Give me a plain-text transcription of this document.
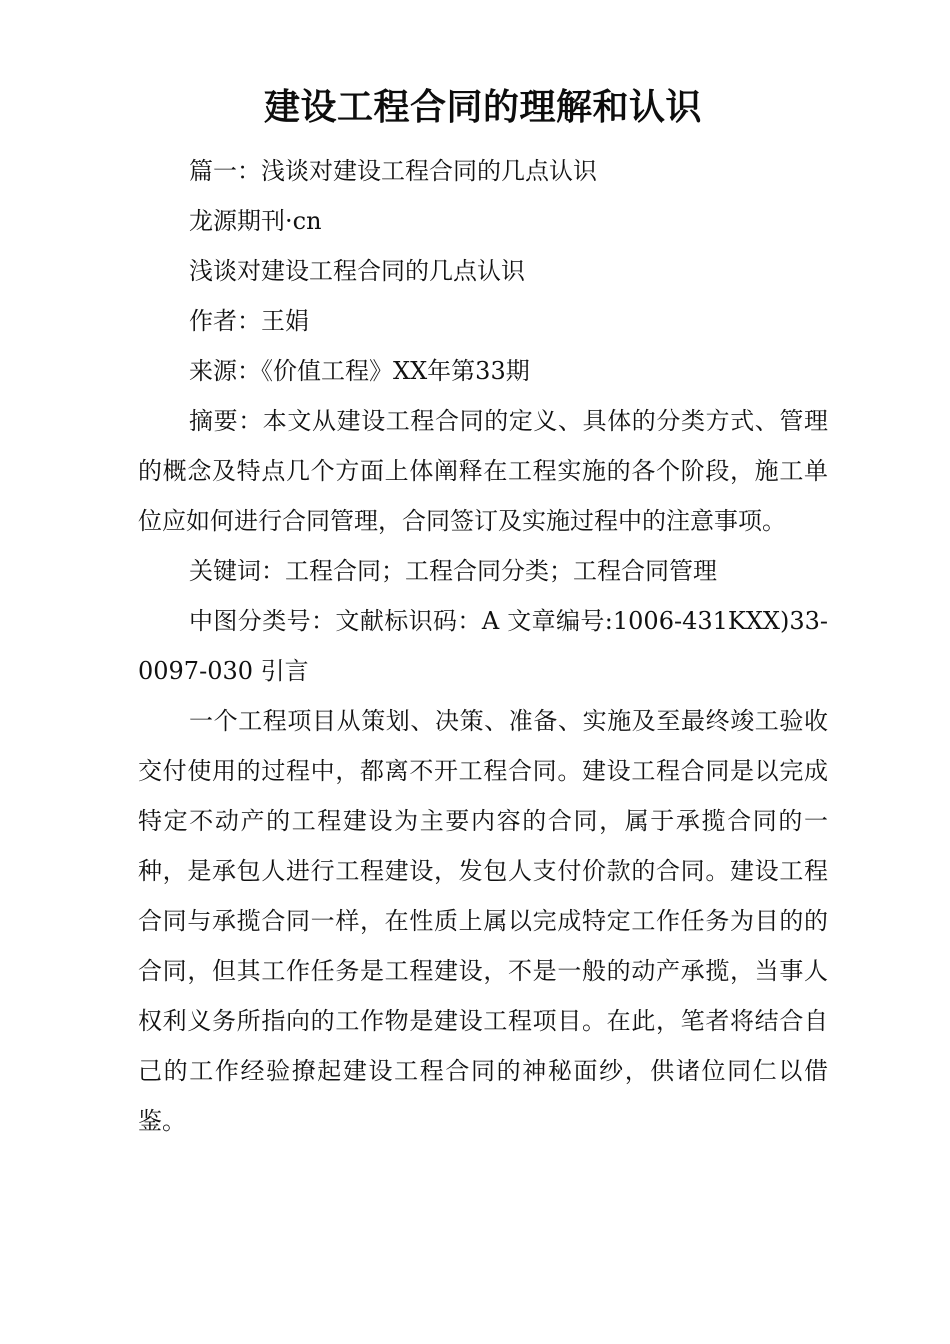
建设工程合同的理解和认识

篇一：浅谈对建设工程合同的几点认识

龙源期刊·cn

浅谈对建设工程合同的几点认识

作者：王娟

来源：《价值工程》XX年第33期

摘要：本文从建设工程合同的定义、具体的分类方式、管理的概念及特点几个方面上体阐释在工程实施的各个阶段，施工单位应如何进行合同管理，合同签订及实施过程中的注意事项。

关键词：工程合同；工程合同分类；工程合同管理

中图分类号：文献标识码：A 文章编号:1006-431KXX)33-0097-030 引言

一个工程项目从策划、决策、准备、实施及至最终竣工验收交付使用的过程中，都离不开工程合同。建设工程合同是以完成特定不动产的工程建设为主要内容的合同，属于承揽合同的一种，是承包人进行工程建设，发包人支付价款的合同。建设工程合同与承揽合同一样，在性质上属以完成特定工作任务为目的的合同，但其工作任务是工程建设，不是一般的动产承揽，当事人权利义务所指向的工作物是建设工程项目。在此，笔者将结合自己的工作经验撩起建设工程合同的神秘面纱，供诸位同仁以借鉴。
